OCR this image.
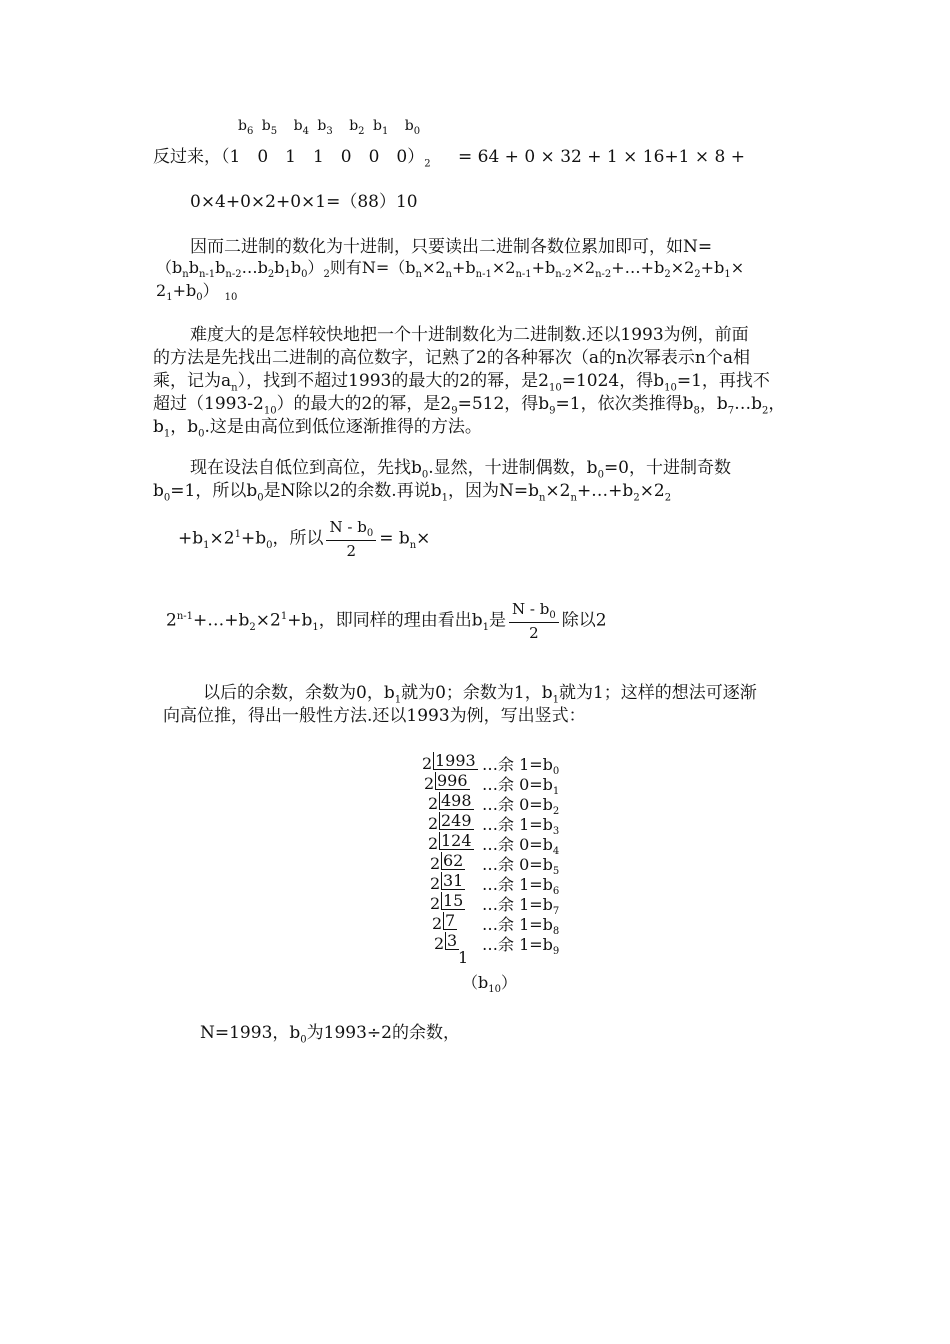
$b_6$ $b_5$ $b_4$ $b_3$ $b_2$ $b_1$ $b_0$
反过来，（1　0　1　1　0　0　$0)_2 = 64 + 0 \times 32 + 1 \times 16+1 \times 8$ +
0×4+0×2+0×1=（88）10
因而二进制的数化为十进制，只要读出二进制各数位累加即可，如N=
$(b_nb_{n-1}b_{n-2}\dots b_2b_1b_0)_2$则有$N=(b_n\times 2_n+b_{n-1}\times 2_{n-1}+b_{n-2}\times 2_{n-2}+\dots+b_2\times 2_2+b_1\times$
$2_1+b_0$） $_{10}$
难度大的是怎样较快地把一个十进制数化为二进制数.还以1993为例，前面
的方法是先找出二进制的高位数字，记熟了2的各种幂次（a的n次幂表示n个a相
乘，记为$a_n$），找到不超过1993的最大的2的幂，是$2_{10}=1024$，得$b_{10}=1$，再找不
超过$(1993-2_{10})$的最大的2的幂，是$2_9=512$，得$b_9=1$，依次类推得$b_8$，$b_7\dots b_2$，
$b_1$，$b_0$.这是由高位到低位逐渐推得的方法。
现在设法自低位到高位，先找$b_0$.显然，十进制偶数，$b_0=0$，十进制奇数
$b_0=1$，所以$b_0$是N除以2的余数.再说$b_1$，因为$N=b_n\times 2_n+\dots+b_2\times 2_2$
$+b_1\times 2^1+b_0$，所以 $\frac{N - b_0}{2} = b_n\times$
$2^{n-1}+\dots+b_2\times 2^1+b_1$，即同样的理由看出$b_1$是 $\frac{N - b_0}{2}$ 除以2
以后的余数，余数为0，$b_1$就为0；余数为1，$b_1$就为1；这样的想法可逐渐
向高位推，得出一般性方法.还以1993为例，写出竖式：
2 1993 …余 $1=b_0$
2 996 …余 $0=b_1$
2 498 …余 $0=b_2$
2 249 …余 $1=b_3$
2 124 …余 $0=b_4$
2 62 …余 $0=b_5$
2 31 …余 $1=b_6$
2 15 …余 $1=b_7$
2 7 …余 $1=b_8$
2 3 …余 $1=b_9$
1
$(b_{10})$
N=1993，$b_0$为1993÷2的余数，
